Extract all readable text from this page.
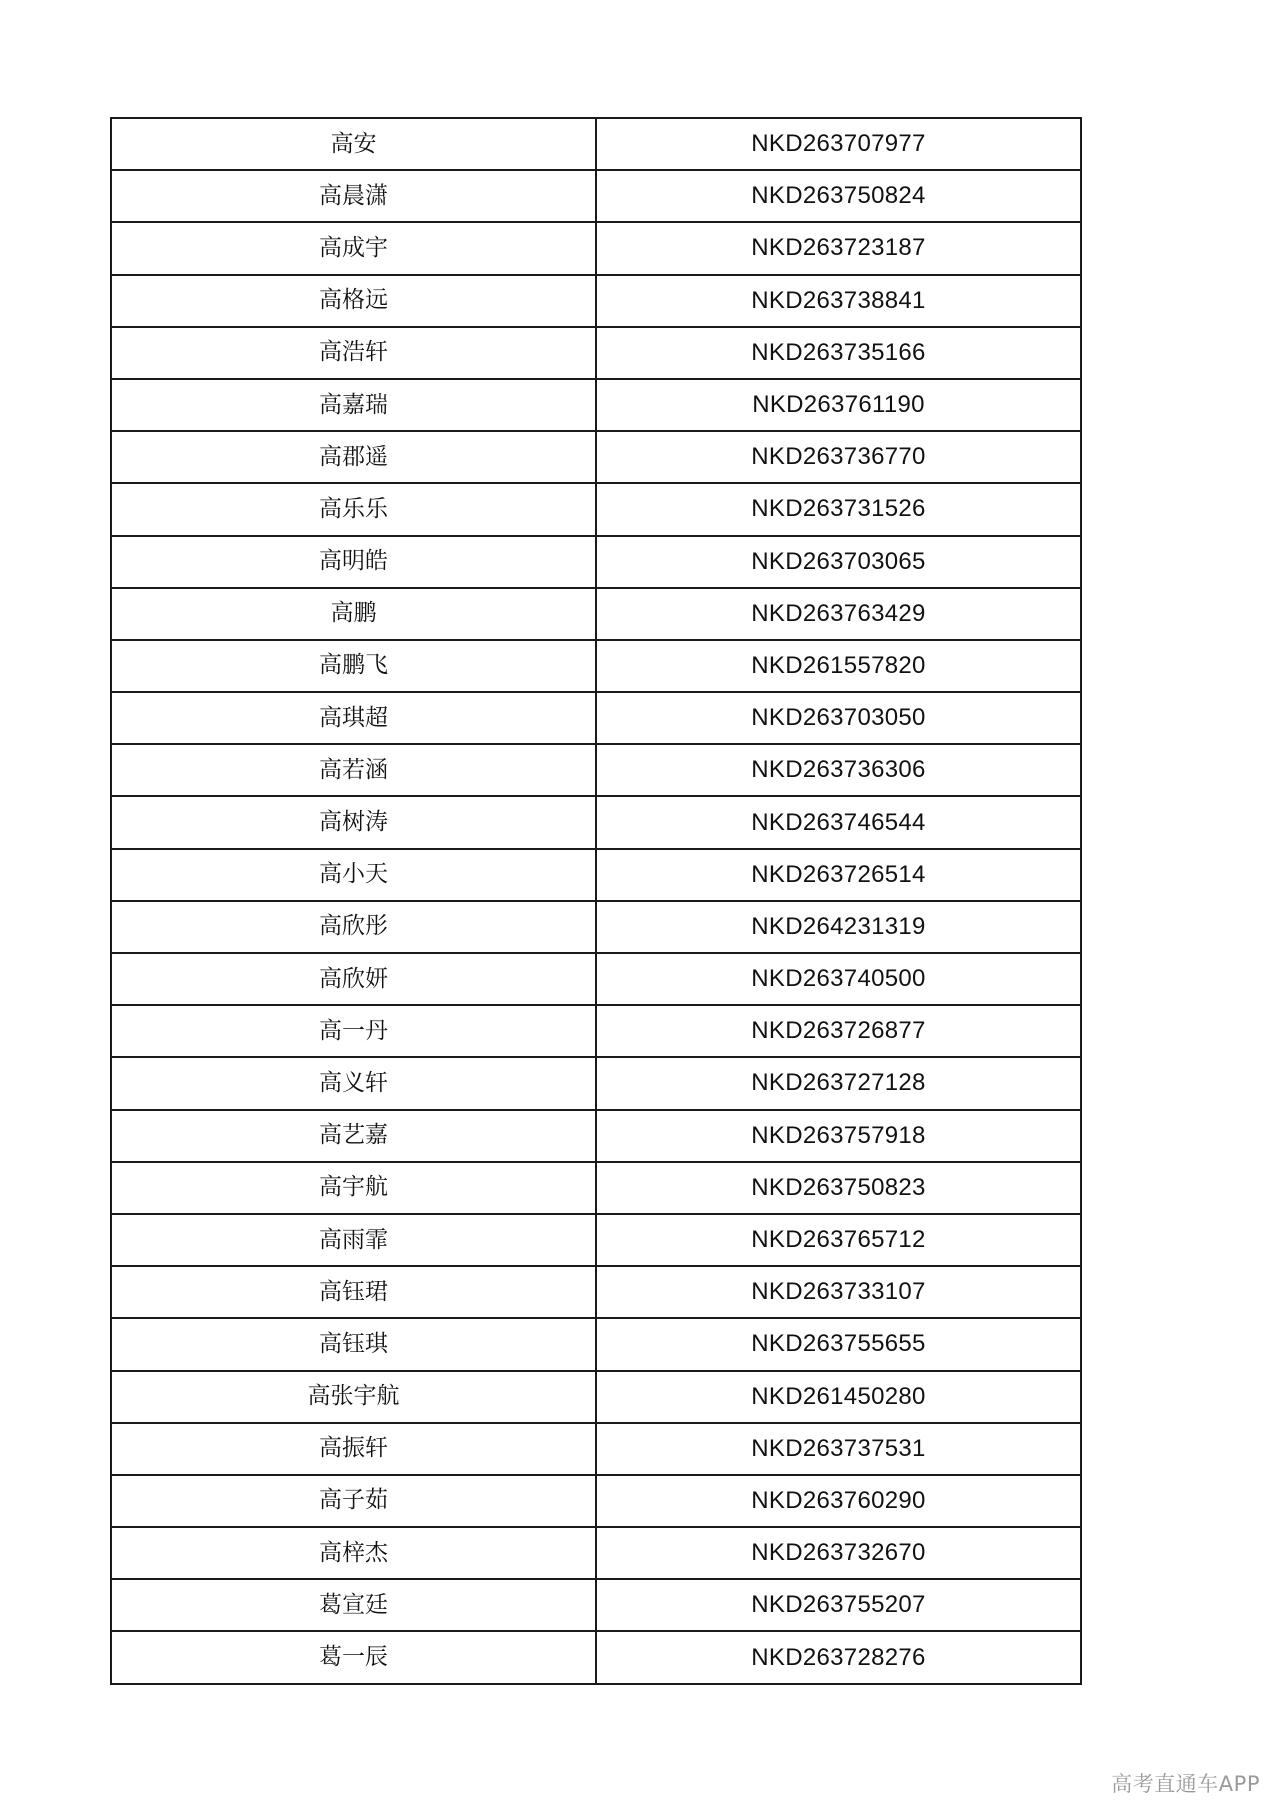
高安	NKD263707977
高晨潇	NKD263750824
高成宇	NKD263723187
高格远	NKD263738841
高浩轩	NKD263735166
高嘉瑞	NKD263761190
高郡遥	NKD263736770
高乐乐	NKD263731526
高明皓	NKD263703065
高鹏	NKD263763429
高鹏飞	NKD261557820
高琪超	NKD263703050
高若涵	NKD263736306
高树涛	NKD263746544
高小天	NKD263726514
高欣彤	NKD264231319
高欣妍	NKD263740500
高一丹	NKD263726877
高义轩	NKD263727128
高艺嘉	NKD263757918
高宇航	NKD263750823
高雨霏	NKD263765712
高钰珺	NKD263733107
高钰琪	NKD263755655
高张宇航	NKD261450280
高振轩	NKD263737531
高子茹	NKD263760290
高梓杰	NKD263732670
葛宣廷	NKD263755207
葛一辰	NKD263728276
高考直通车APP
